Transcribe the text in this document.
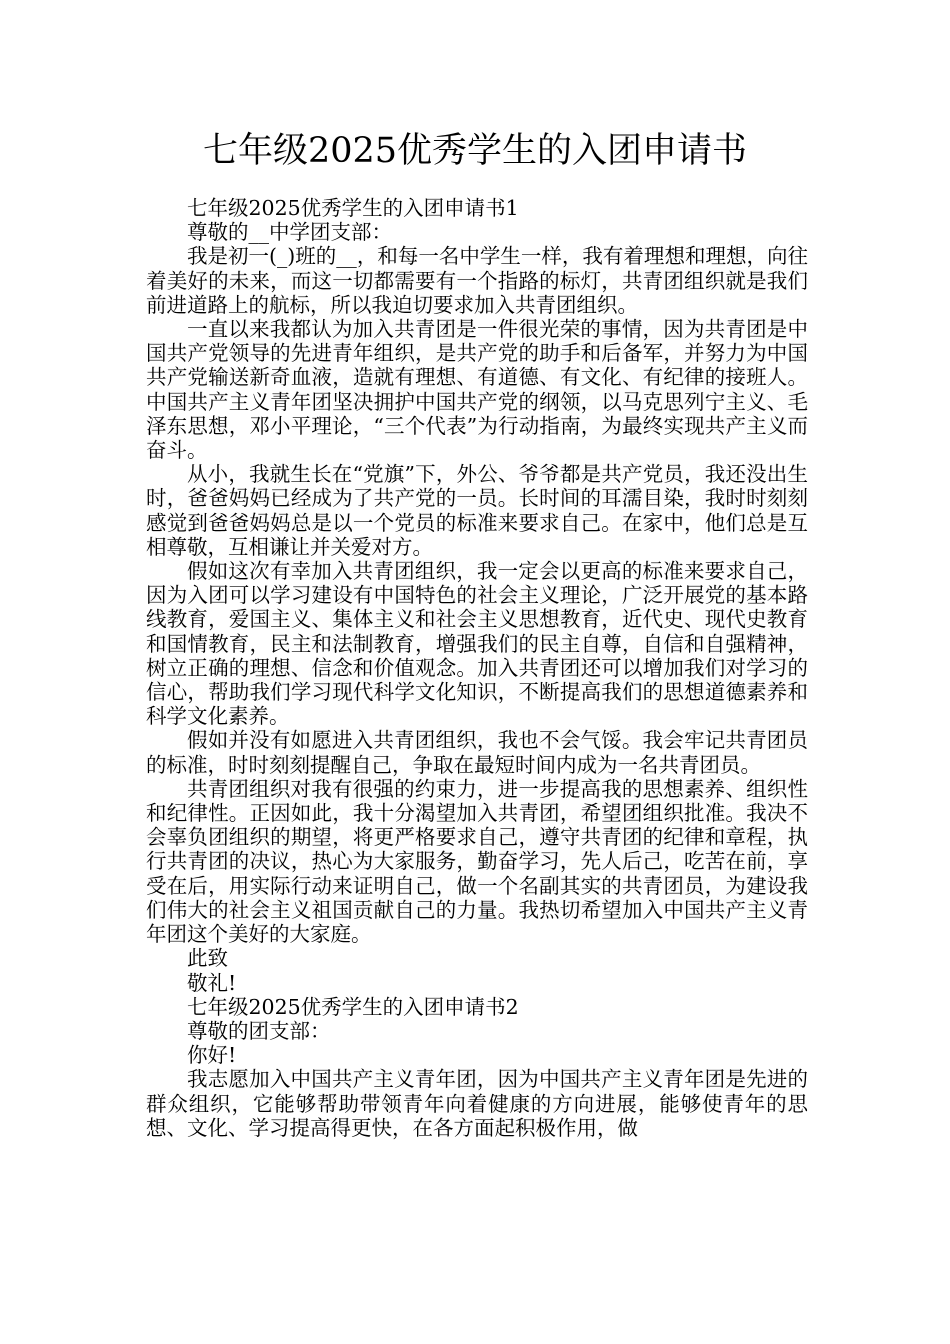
七年级2025优秀学生的入团申请书

七年级2025优秀学生的入团申请书1

尊敬的__中学团支部：

我是初一(_)班的__，和每一名中学生一样，我有着理想和理想，向往着美好的未来，而这一切都需要有一个指路的标灯，共青团组织就是我们前进道路上的航标，所以我迫切要求加入共青团组织。

一直以来我都认为加入共青团是一件很光荣的事情，因为共青团是中国共产党领导的先进青年组织，是共产党的助手和后备军，并努力为中国共产党输送新奇血液，造就有理想、有道德、有文化、有纪律的接班人。中国共产主义青年团坚决拥护中国共产党的纲领，以马克思列宁主义、毛泽东思想，邓小平理论，“三个代表”为行动指南，为最终实现共产主义而奋斗。

从小，我就生长在“党旗”下，外公、爷爷都是共产党员，我还没出生时，爸爸妈妈已经成为了共产党的一员。长时间的耳濡目染，我时时刻刻感觉到爸爸妈妈总是以一个党员的标准来要求自己。在家中，他们总是互相尊敬，互相谦让并关爱对方。

假如这次有幸加入共青团组织，我一定会以更高的标准来要求自己，因为入团可以学习建设有中国特色的社会主义理论，广泛开展党的基本路线教育，爱国主义、集体主义和社会主义思想教育，近代史、现代史教育和国情教育，民主和法制教育，增强我们的民主自尊，自信和自强精神，树立正确的理想、信念和价值观念。加入共青团还可以增加我们对学习的信心，帮助我们学习现代科学文化知识，不断提高我们的思想道德素养和科学文化素养。

假如并没有如愿进入共青团组织，我也不会气馁。我会牢记共青团员的标准，时时刻刻提醒自己，争取在最短时间内成为一名共青团员。

共青团组织对我有很强的约束力，进一步提高我的思想素养、组织性和纪律性。正因如此，我十分渴望加入共青团，希望团组织批准。我决不会辜负团组织的期望，将更严格要求自己，遵守共青团的纪律和章程，执行共青团的决议，热心为大家服务，勤奋学习，先人后己，吃苦在前，享受在后，用实际行动来证明自己，做一个名副其实的共青团员，为建设我们伟大的社会主义祖国贡献自己的力量。我热切希望加入中国共产主义青年团这个美好的大家庭。

此致

敬礼!

七年级2025优秀学生的入团申请书2

尊敬的团支部：

你好!

我志愿加入中国共产主义青年团，因为中国共产主义青年团是先进的群众组织，它能够帮助带领青年向着健康的方向进展，能够使青年的思想、文化、学习提高得更快，在各方面起积极作用，做
